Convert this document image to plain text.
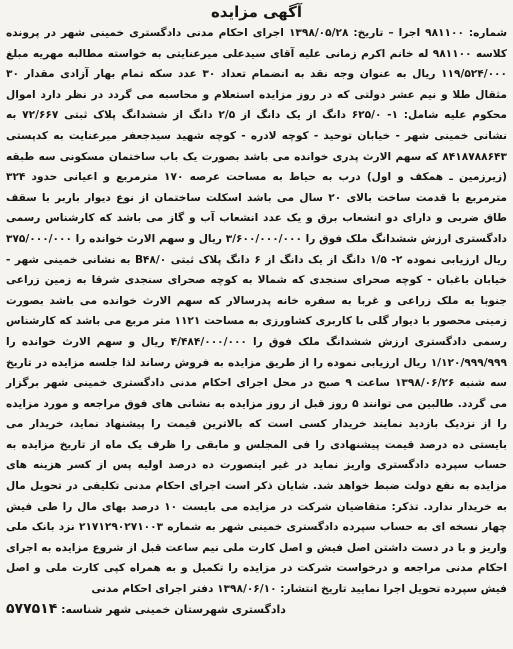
آگهی مزایده
شماره: ۹۸۱۱۰۰ اجرا – تاریخ: ۱۳۹۸/۰۵/۲۸ اجرای احکام مدنی دادگستری خمینی شهر در پرونده کلاسه ۹۸۱۱۰۰ له خانم اکرم زمانی علیه آقای سیدعلی میرعنایتی به خواسته مطالبه مهریه مبلغ ۱۱۹/۵۲۴/۰۰۰ ریال به عنوان وجه نقد به انضمام تعداد ۳۰ عدد سکه تمام بهار آزادی مقدار ۳۰ مثقال طلا و نیم عشر دولتی که در روز مزایده استعلام و محاسبه می گردد در نظر دارد اموال محکوم علیه شامل: ۱- ۶۲۵/۰ دانگ از یک دانگ از ۲/۵ دانگ از ششدانگ پلاک ثبتی ۷۲/۶۶۷ به نشانی خمینی شهر - خیابان توحید - کوچه لادره - کوچه شهید سیدجعفر میرعنایت به کدپستی ۸۴۱۸۷۸۸۶۴۳ که سهم الارث پدری خوانده می باشد بصورت یک باب ساختمان مسکونی سه طبقه (زیرزمین ـ همکف و اول) درب به حیاط به مساحت عرصه ۱۷۰ مترمربع و اعیانی حدود ۳۲۴ مترمربع با قدمت ساخت بالای ۲۰ سال می باشد اسکلت ساختمان از نوع دیوار باربر با سقف طاق ضربی و دارای دو انشعاب برق و یک عدد انشعاب آب و گاز می باشد که کارشناس رسمی دادگستری ارزش ششدانگ ملک فوق را ۳/۶۰۰/۰۰۰/۰۰۰ ریال و سهم الارث خوانده را ۳۷۵/۰۰۰/۰۰۰ ریال ارزیابی نموده ۲- ۱/۵ دانگ از یک دانگ از ۶ دانگ پلاک ثبتی B۴۸/۰ به نشانی خمینی شهر - خیابان باغبان - کوچه صحرای سنجدی که شمالا به کوچه صحرای سنجدی شرقا به زمین زراعی جنوبا به ملک زراعی و غربا به سفره خانه پدرسالار که سهم الارث خوانده می باشد بصورت زمینی محصور با دیوار گلی با کاربری کشاورزی به مساحت ۱۱۲۱ متر مربع می باشد که کارشناس رسمی دادگستری ارزش ششدانگ ملک فوق را ۴/۴۸۴/۰۰۰/۰۰۰ ریال و سهم الارث خوانده را ۱/۱۲۰/۹۹۹/۹۹۹ ریال ارزیابی نموده را از طریق مزایده به فروش رساند لذا جلسه مزایده در تاریخ سه شنبه ۱۳۹۸/۰۶/۲۶ ساعت ۹ صبح در محل اجرای احکام مدنی دادگستری خمینی شهر برگزار می گردد. طالبین می توانند ۵ روز قبل از روز مزایده به نشانی های فوق مراجعه و مورد مزایده را از نزدیک بازدید نمایند خریدار کسی است که بالاترین قیمت را پیشنهاد نماید، خریدار می بایستی ده درصد قیمت پیشنهادی را فی المجلس و مابقی را ظرف یک ماه از تاریخ مزایده به حساب سپرده دادگستری واریز نماید در غیر اینصورت ده درصد اولیه پس از کسر هزینه های مزایده به نفع دولت ضبط خواهد شد. شایان ذکر است اجرای احکام مدنی تکلیفی در تحویل مال به خریدار ندارد. تذکر: متقاضیان شرکت در مزایده می بایست ۱۰ درصد بهای مال را طی فیش چهار نسخه ای به حساب سپرده دادگستری خمینی شهر به شماره ۲۱۷۱۲۹۰۲۷۱۰۰۳ نزد بانک ملی واریز و با در دست داشتن اصل فیش و اصل کارت ملی نیم ساعت قبل از شروع مزایده به اجرای احکام مدنی مراجعه و درخواست شرکت در مزایده را تکمیل و به همراه کپی کارت ملی و اصل فیش سپرده تحویل اجرا نمایید تاریخ انتشار: ۱۳۹۸/۰۶/۱۰ دفتر اجرای احکام مدنی
دادگستری شهرستان خمینی شهر شناسه: ۵۷۷۵۱۴
